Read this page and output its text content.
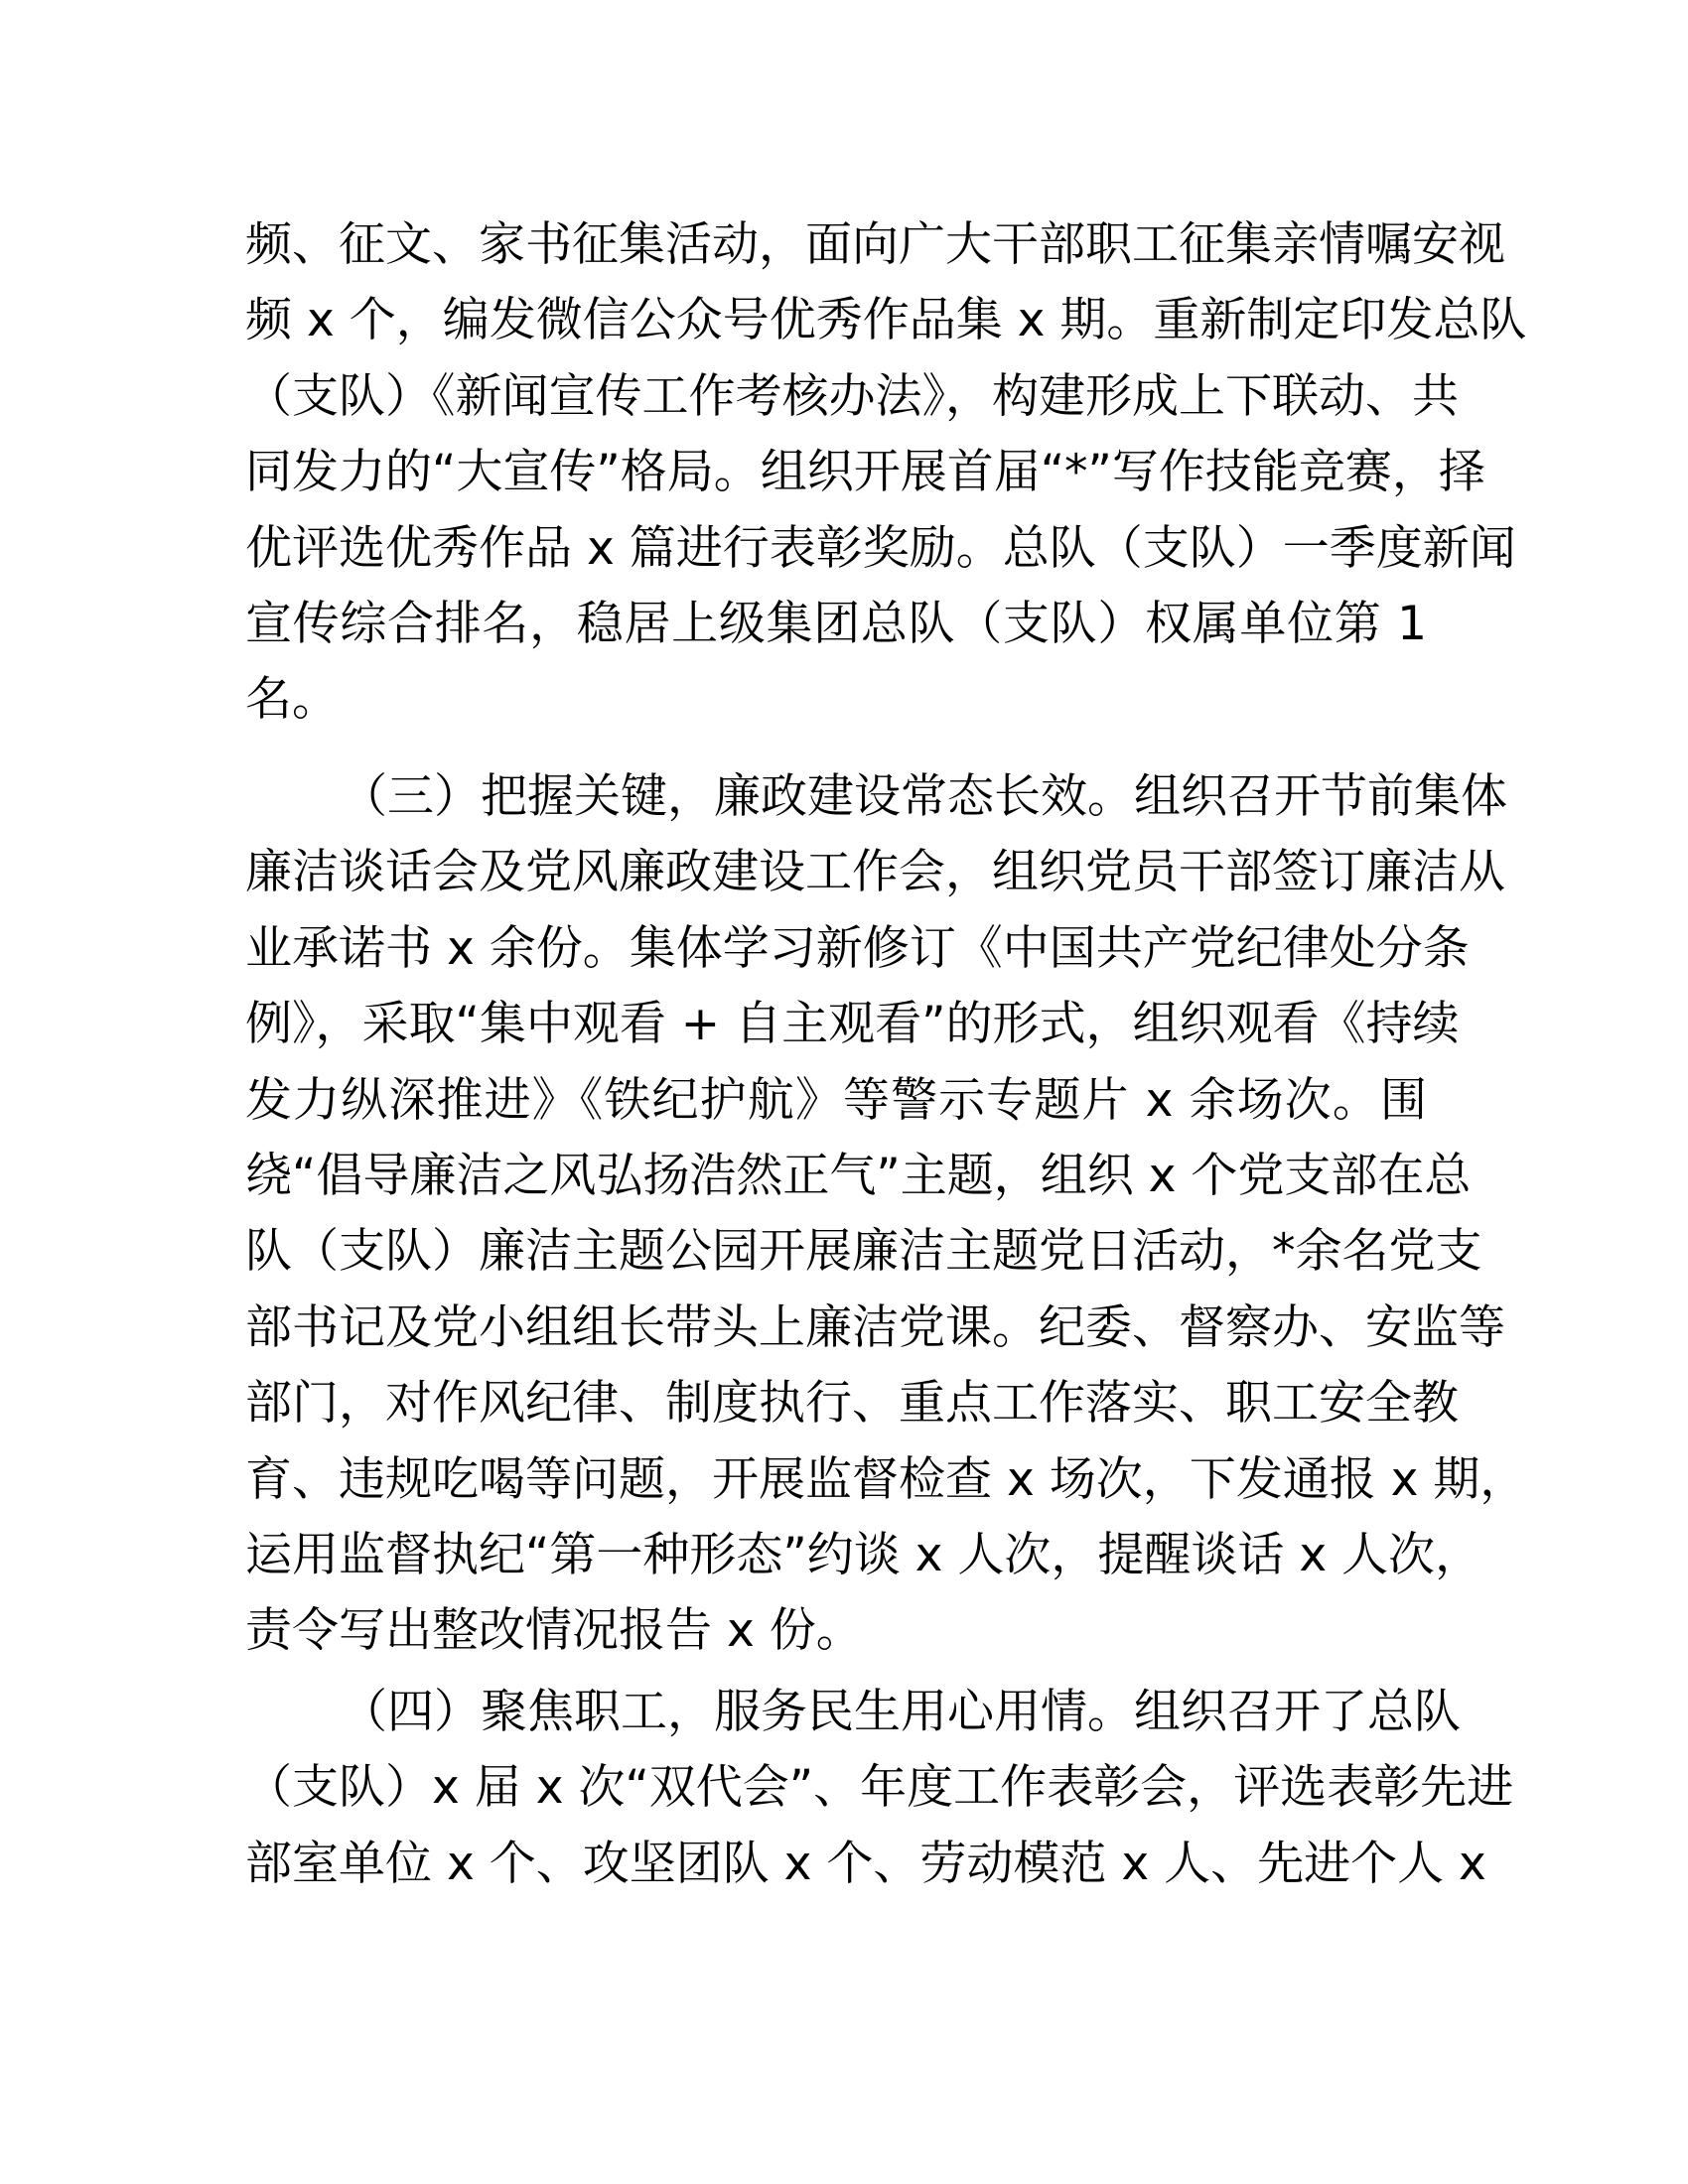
频、征文、家书征集活动，面向广大干部职工征集亲情嘱安视
频 x 个，编发微信公众号优秀作品集 x 期。重新制定印发总队
（支队）《新闻宣传工作考核办法》，构建形成上下联动、共
同发力的“大宣传”格局。组织开展首届“*”写作技能竞赛，择
优评选优秀作品 x 篇进行表彰奖励。总队（支队）一季度新闻
宣传综合排名，稳居上级集团总队（支队）权属单位第 1
名。
（三）把握关键，廉政建设常态长效。组织召开节前集体
廉洁谈话会及党风廉政建设工作会，组织党员干部签订廉洁从
业承诺书 x 余份。集体学习新修订《中国共产党纪律处分条
例》，采取“集中观看 + 自主观看”的形式，组织观看《持续
发力纵深推进》《铁纪护航》等警示专题片 x 余场次。围
绕“倡导廉洁之风弘扬浩然正气”主题，组织 x 个党支部在总
队（支队）廉洁主题公园开展廉洁主题党日活动，*余名党支
部书记及党小组组长带头上廉洁党课。纪委、督察办、安监等
部门，对作风纪律、制度执行、重点工作落实、职工安全教
育、违规吃喝等问题，开展监督检查 x 场次，下发通报 x 期，
运用监督执纪“第一种形态”约谈 x 人次，提醒谈话 x 人次，
责令写出整改情况报告 x 份。
（四）聚焦职工，服务民生用心用情。组织召开了总队
（支队）x 届 x 次“双代会”、年度工作表彰会，评选表彰先进
部室单位 x 个、攻坚团队 x 个、劳动模范 x 人、先进个人 x
